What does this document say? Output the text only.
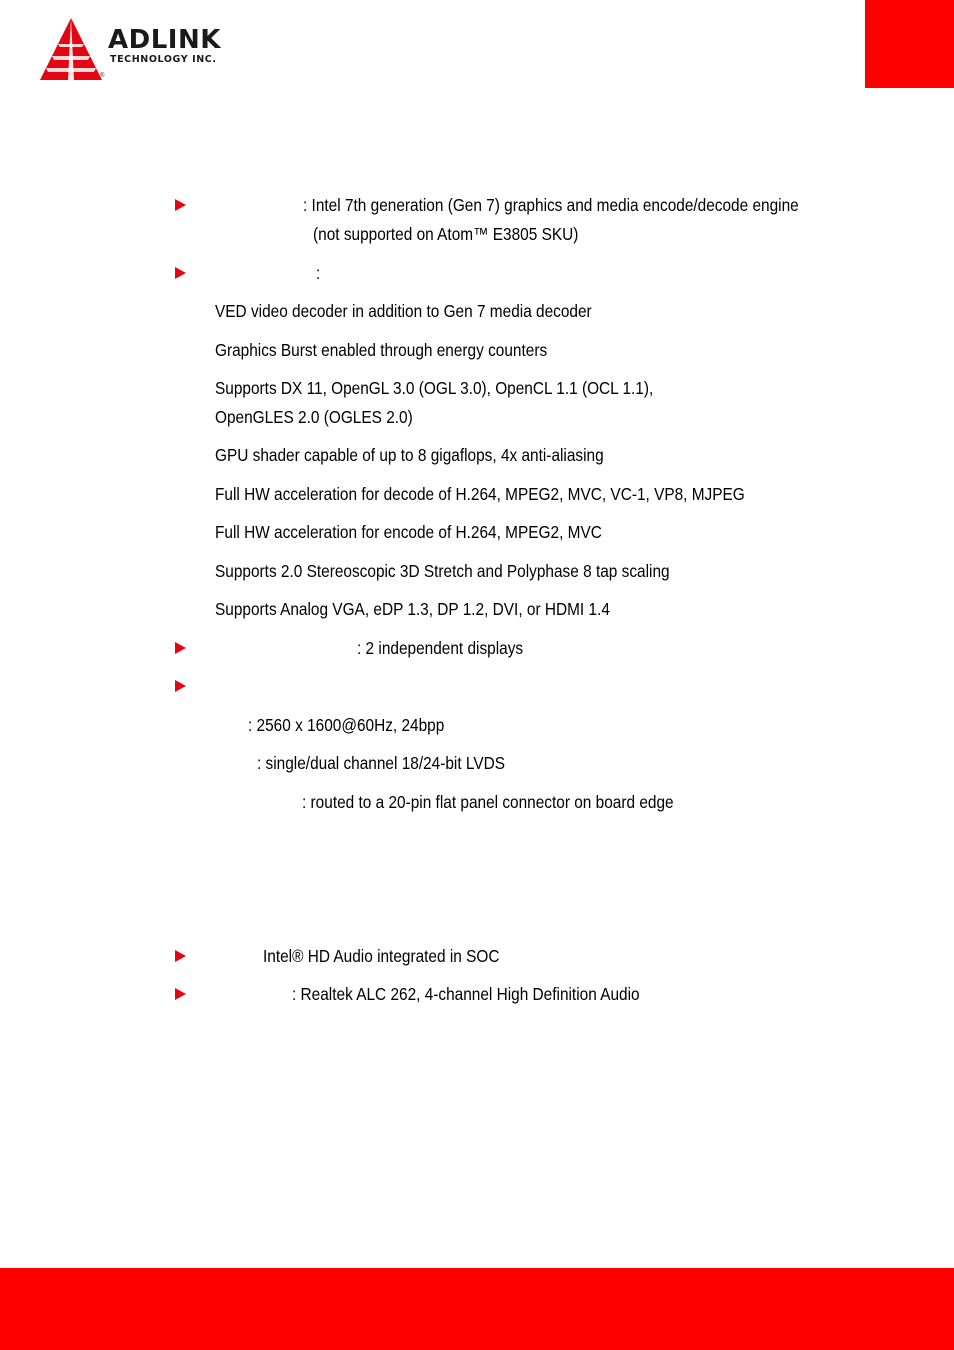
ADLINK
TECHNOLOGY INC.
®
: Intel 7th generation (Gen 7) graphics and media encode/decode engine
(not supported on Atom™ E3805 SKU)
:
VED video decoder in addition to Gen 7 media decoder
Graphics Burst enabled through energy counters
Supports DX 11, OpenGL 3.0 (OGL 3.0), OpenCL 1.1 (OCL 1.1),
OpenGLES 2.0 (OGLES 2.0)
GPU shader capable of up to 8 gigaflops, 4x anti-aliasing
Full HW acceleration for decode of H.264, MPEG2, MVC, VC-1, VP8, MJPEG
Full HW acceleration for encode of H.264, MPEG2, MVC
Supports 2.0 Stereoscopic 3D Stretch and Polyphase 8 tap scaling
Supports Analog VGA, eDP 1.3, DP 1.2, DVI, or HDMI 1.4
: 2 independent displays
: 2560 x 1600@60Hz, 24bpp
: single/dual channel 18/24-bit LVDS
: routed to a 20-pin flat panel connector on board edge
Intel® HD Audio integrated in SOC
: Realtek ALC 262, 4-channel High Definition Audio
